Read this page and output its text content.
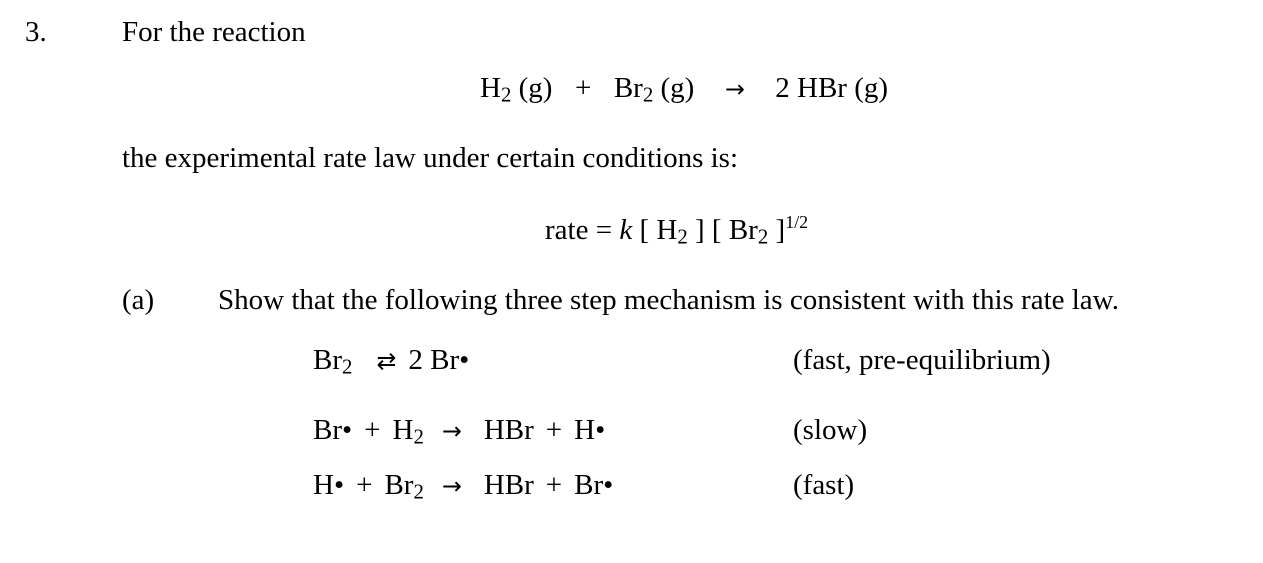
3.	For the reaction
$H_2$ $(g) + Br_2$ (g) → 2 HBr (g)
the experimental rate law under certain conditions is:
rate = k [ $H_2$ ] [ $Br_2$ ]$^{1/2}$
(a) Show that the following three step mechanism is consistent with this rate law.
$Br_2$ ⇄ 2 Br•	(fast, pre-equilibrium)
Br• + $H_2$ → HBr + H•	(slow)
H• + $Br_2$ → HBr + Br•	(fast)
